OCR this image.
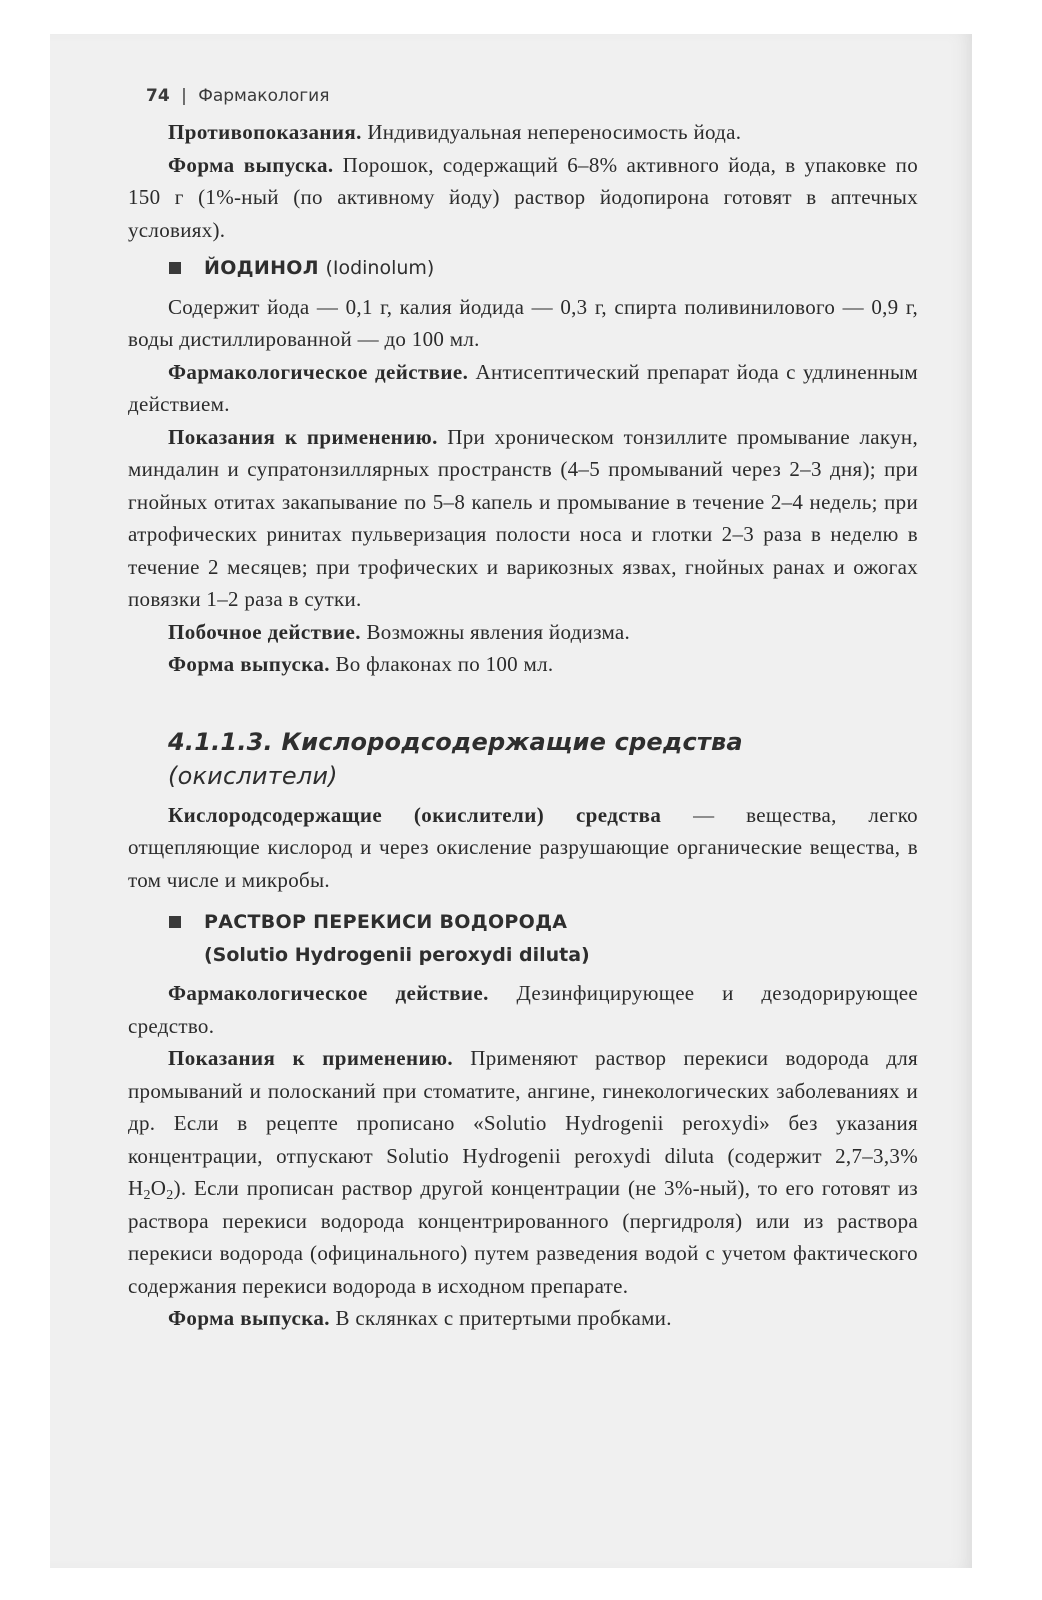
74 | Фармакология

Противопоказания. Индивидуальная непереносимость йода.

Форма выпуска. Порошок, содержащий 6–8% активного йода, в упаковке по 150 г (1%-ный (по активному йоду) раствор йодопирона готовят в аптечных условиях).

ЙОДИНОЛ (Iodinolum)

Содержит йода — 0,1 г, калия йодида — 0,3 г, спирта поливинилового — 0,9 г, воды дистиллированной — до 100 мл.

Фармакологическое действие. Антисептический препарат йода с удлиненным действием.

Показания к применению. При хроническом тонзиллите промывание лакун, миндалин и супратонзиллярных пространств (4–5 промываний через 2–3 дня); при гнойных отитах закапывание по 5–8 капель и промывание в течение 2–4 недель; при атрофических ринитах пульверизация полости носа и глотки 2–3 раза в неделю в течение 2 месяцев; при трофических и варикозных язвах, гнойных ранах и ожогах повязки 1–2 раза в сутки.

Побочное действие. Возможны явления йодизма.

Форма выпуска. Во флаконах по 100 мл.

4.1.1.3. Кислородсодержащие средства (окислители)

Кислородсодержащие (окислители) средства — вещества, легко отщепляющие кислород и через окисление разрушающие органические вещества, в том числе и микробы.

РАСТВОР ПЕРЕКИСИ ВОДОРОДА
(Solutio Hydrogenii peroxydi diluta)

Фармакологическое действие. Дезинфицирующее и дезодорирующее средство.

Показания к применению. Применяют раствор перекиси водорода для промываний и полосканий при стоматите, ангине, гинекологических заболеваниях и др. Если в рецепте прописано «Solutio Hydrogenii peroxydi» без указания концентрации, отпускают Solutio Hydrogenii peroxydi diluta (содержит 2,7–3,3% $H_2O_2$). Если прописан раствор другой концентрации (не 3%-ный), то его готовят из раствора перекиси водорода концентрированного (пергидроля) или из раствора перекиси водорода (официнального) путем разведения водой с учетом фактического содержания перекиси водорода в исходном препарате.

Форма выпуска. В склянках с притертыми пробками.
